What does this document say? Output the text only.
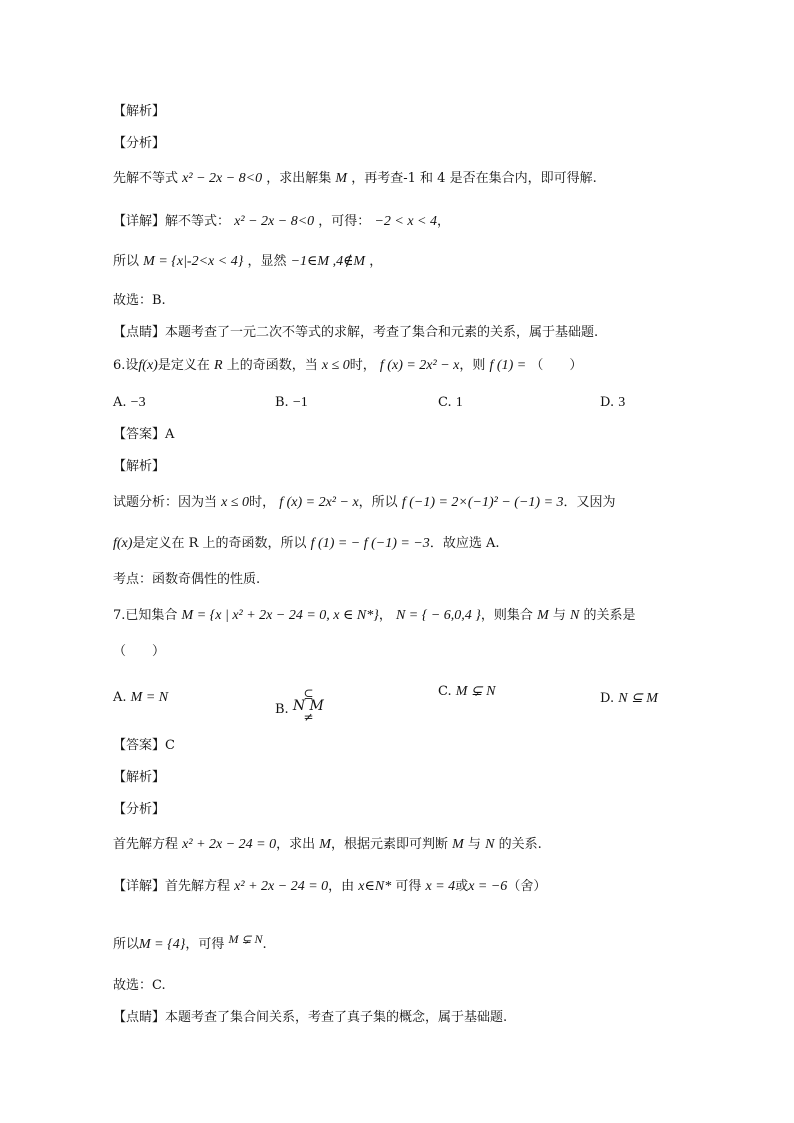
【解析】
【分析】
先解不等式 x² − 2x − 8<0 ，求出解集 M ，再考查-1 和 4 是否在集合内，即可得解.
【详解】解不等式： x² − 2x − 8<0 ，可得： −2 < x < 4，
所以 M = {x|-2<x < 4} ，显然 −1∈M ,4∉M ，
故选：B.
【点睛】本题考查了一元二次不等式的求解，考查了集合和元素的关系，属于基础题.
6.设f(x)是定义在 R 上的奇函数，当 x ≤ 0时， f (x) = 2x² − x，则 f (1) = （　　）
A. −3	B. −1	C. 1	D. 3
【答案】A
【解析】
试题分析：因为当 x ≤ 0时， f (x) = 2x² − x，所以 f (−1) = 2×(−1)² − (−1) = 3．又因为
f(x)是定义在 R 上的奇函数，所以 f (1) = − f (−1) = −3．故应选 A.
考点：函数奇偶性的性质.
7.已知集合 M = {x | x² + 2x − 24 = 0, x ∈ N*}， N = { − 6,0,4 }，则集合 M 与 N 的关系是
（　　）
A. M = N
B. ⊆
N M
≠
C. M ⊊ N	D. N ⊆ M
【答案】C
【解析】
【分析】
首先解方程 x² + 2x − 24 = 0，求出 M，根据元素即可判断 M 与 N 的关系.
【详解】首先解方程 x² + 2x − 24 = 0，由 x∈N* 可得 x = 4或x = −6（舍）
所以M = {4}，可得 M ⊊ N.
故选：C.
【点睛】本题考查了集合间关系，考查了真子集的概念，属于基础题.
